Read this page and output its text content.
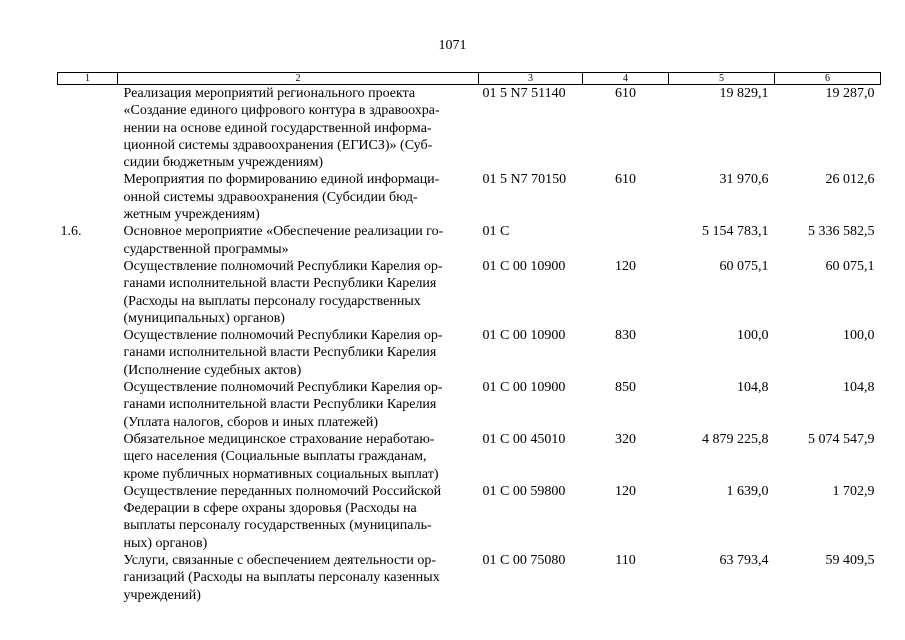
1071
1	2	3	4	5	6

	Реализация мероприятий регионального проекта
«Создание единого цифрового контура в здравоохра-
нении на основе единой государственной информа-
ционной системы здравоохранения (ЕГИСЗ)» (Суб-
сидии бюджетным учреждениям)	01 5 N7 51140	610	19 829,1	19 287,0

	Мероприятия по формированию единой информаци-
онной системы здравоохранения (Субсидии бюд-
жетным учреждениям)	01 5 N7 70150	610	31 970,6	26 012,6
1.6.	Основное мероприятие «Обеспечение реализации го-
сударственной программы»	01 С		5 154 783,1	5 336 582,5

	Осуществление полномочий Республики Карелия ор-
ганами исполнительной власти Республики Карелия
(Расходы на выплаты персоналу государственных
(муниципальных) органов)	01 С 00 10900	120	60 075,1	60 075,1

	Осуществление полномочий Республики Карелия ор-
ганами исполнительной власти Республики Карелия
(Исполнение судебных актов)	01 С 00 10900	830	100,0	100,0

	Осуществление полномочий Республики Карелия ор-
ганами исполнительной власти Республики Карелия
(Уплата налогов, сборов и иных платежей)	01 С 00 10900	850	104,8	104,8

	Обязательное медицинское страхование неработаю-
щего населения (Социальные выплаты гражданам,
кроме публичных нормативных социальных выплат)	01 С 00 45010	320	4 879 225,8	5 074 547,9

	Осуществление переданных полномочий Российской
Федерации в сфере охраны здоровья (Расходы на
выплаты персоналу государственных (муниципаль-
ных) органов)	01 С 00 59800	120	1 639,0	1 702,9

	Услуги, связанные с обеспечением деятельности ор-
ганизаций (Расходы на выплаты персоналу казенных
учреждений)	01 С 00 75080	110	63 793,4	59 409,5
